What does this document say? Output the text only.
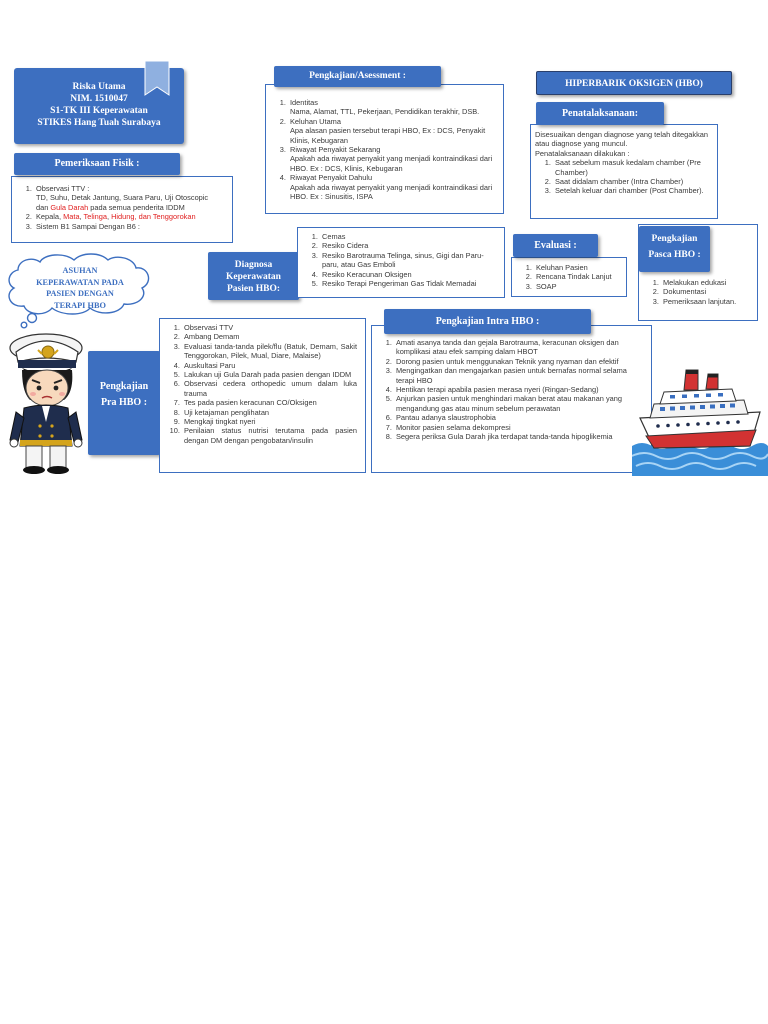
Riska Utama
NIM. 1510047
S1-TK III Keperawatan
STIKES Hang Tuah Surabaya
1. Observasi TTV :
TD, Suhu, Detak Jantung, Suara Paru, Uji Otoscopic
dan Gula Darah pada semua penderita IDDM
2. Kepala, Mata, Telinga, Hidung, dan Tenggorokan
3. Sistem B1 Sampai Dengan B6 :
Pemeriksaan Fisik :
ASUHAN KEPERAWATAN PADA PASIEN DENGAN TERAPI HBO
Pengkajian Pra HBO :
1. Observasi TTV
2. Ambang Demam
3. Evaluasi tanda-tanda pilek/flu (Batuk, Demam, Sakit Tenggorokan, Pilek, Mual, Diare, Malaise)
4. Auskultasi Paru
5. Lakukan uji Gula Darah pada pasien dengan IDDM
6. Observasi cedera orthopedic umum dalam luka trauma
7. Tes pada pasien keracunan CO/Oksigen
8. Uji ketajaman penglihatan
9. Mengkaji tingkat nyeri
10. Penilaian status nutrisi terutama pada pasien dengan DM dengan pengobatan/insulin
1. Identitas
Nama, Alamat, TTL, Pekerjaan, Pendidikan terakhir, DSB.
2. Keluhan Utama
Apa alasan pasien tersebut terapi HBO, Ex : DCS, Penyakit Klinis, Kebugaran
3. Riwayat Penyakit Sekarang
Apakah ada riwayat penyakit yang menjadi kontraindikasi dari HBO. Ex : DCS, Klinis, Kebugaran
4. Riwayat Penyakit Dahulu
Apakah ada riwayat penyakit yang menjadi kontraindikasi dari HBO. Ex : Sinusitis, ISPA
Pengkajian/Asessment :
Diagnosa Keperawatan Pasien HBO:
1. Cemas
2. Resiko Cidera
3. Resiko Barotrauma Telinga, sinus, Gigi dan Paru-paru, atau Gas Emboli
4. Resiko Keracunan Oksigen
5. Resiko Terapi Pengeriman Gas Tidak Memadai
HIPERBARIK OKSIGEN (HBO)
Disesuaikan dengan diagnose yang telah ditegakkan atau diagnose yang muncul.
Penatalaksanaan dilakukan :
1. Saat sebelum masuk kedalam chamber (Pre Chamber)
2. Saat didalam chamber (Intra Chamber)
3. Setelah keluar dari chamber (Post Chamber).
Penatalaksanaan:
1. Keluhan Pasien
2. Rencana Tindak Lanjut
3. SOAP
Evaluasi :
1. Melakukan edukasi
2. Dokumentasi
3. Pemeriksaan lanjutan.
Pengkajian Pasca HBO :
1. Amati asanya tanda dan gejala Barotrauma, keracunan oksigen dan komplikasi atau efek samping dalam HBOT
2. Dorong pasien untuk menggunakan Teknik yang nyaman dan efektif
3. Mengingatkan dan mengajarkan pasien untuk bernafas normal selama terapi HBO
4. Hentikan terapi apabila pasien merasa nyeri (Ringan-Sedang)
5. Anjurkan pasien untuk menghindari makan berat atau makanan yang mengandung gas atau minum sebelum perawatan
6. Pantau adanya slaustrophobia
7. Monitor pasien selama dekompresi
8. Segera periksa Gula Darah jika terdapat tanda-tanda hipoglikemia
Pengkajian Intra HBO :
